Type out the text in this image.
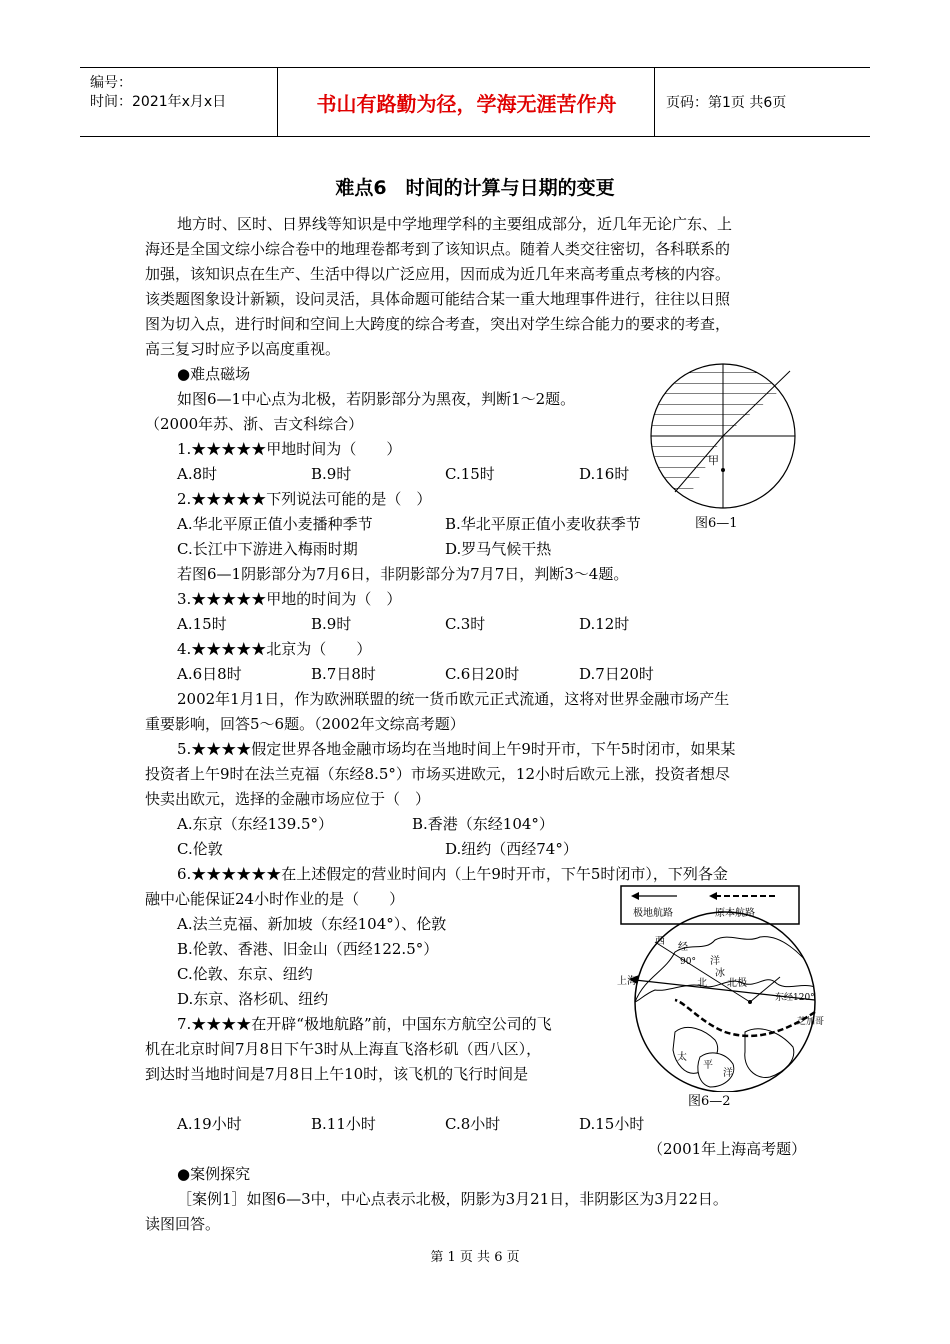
编号：
时间：2021年x月x日	书山有路勤为径，学海无涯苦作舟	页码：第1页 共6页
难点6　时间的计算与日期的变更
地方时、区时、日界线等知识是中学地理学科的主要组成部分，近几年无论广东、上
海还是全国文综小综合卷中的地理卷都考到了该知识点。随着人类交往密切，各科联系的
加强，该知识点在生产、生活中得以广泛应用，因而成为近几年来高考重点考核的内容。
该类题图象设计新颖，设问灵活，具体命题可能结合某一重大地理事件进行，往往以日照
图为切入点，进行时间和空间上大跨度的综合考查，突出对学生综合能力的要求的考查，
高三复习时应予以高度重视。
●难点磁场
如图6—1中心点为北极，若阴影部分为黑夜，判断1～2题。
（2000年苏、浙、吉文科综合）
1.★★★★★甲地时间为（　　）
A.8时	B.9时	C.15时	D.16时
2.★★★★★下列说法可能的是（　）
A.华北平原正值小麦播种季节	B.华北平原正值小麦收获季节
C.长江中下游进入梅雨时期	D.罗马气候干热
若图6—1阴影部分为7月6日，非阴影部分为7月7日，判断3～4题。
3.★★★★★甲地的时间为（　）
A.15时	B.9时	C.3时	D.12时
4.★★★★★北京为（　　）
A.6日8时	B.7日8时	C.6日20时	D.7日20时
2002年1月1日，作为欧洲联盟的统一货币欧元正式流通，这将对世界金融市场产生
重要影响，回答5～6题。（2002年文综高考题）
5.★★★★假定世界各地金融市场均在当地时间上午9时开市，下午5时闭市，如果某
投资者上午9时在法兰克福（东经8.5°）市场买进欧元，12小时后欧元上涨，投资者想尽
快卖出欧元，选择的金融市场应位于（　）
A.东京（东经139.5°）	B.香港（东经104°）
C.伦敦	D.纽约（西经74°）
6.★★★★★★在上述假定的营业时间内（上午9时开市，下午5时闭市），下列各金
融中心能保证24小时作业的是（　　）
A.法兰克福、新加坡（东经104°）、伦敦
B.伦敦、香港、旧金山（西经122.5°）
C.伦敦、东京、纽约
D.东京、洛杉矶、纽约
7.★★★★在开辟“极地航路”前，中国东方航空公司的飞
机在北京时间7月8日下午3时从上海直飞洛杉矶（西八区），
到达时当地时间是7月8日上午10时，该飞机的飞行时间是
A.19小时	B.11小时	C.8小时	D.15小时
（2001年上海高考题）
●案例探究
［案例1］如图6—3中，中心点表示北极，阴影为3月21日，非阴影区为3月22日。
读图回答。
甲
图6—1
极地航路	原本航路
西
经
90° 洋
冰
北 北极
上海
东经120°
芝加哥
太
平
洋
图6—2
第 1 页 共 6 页
